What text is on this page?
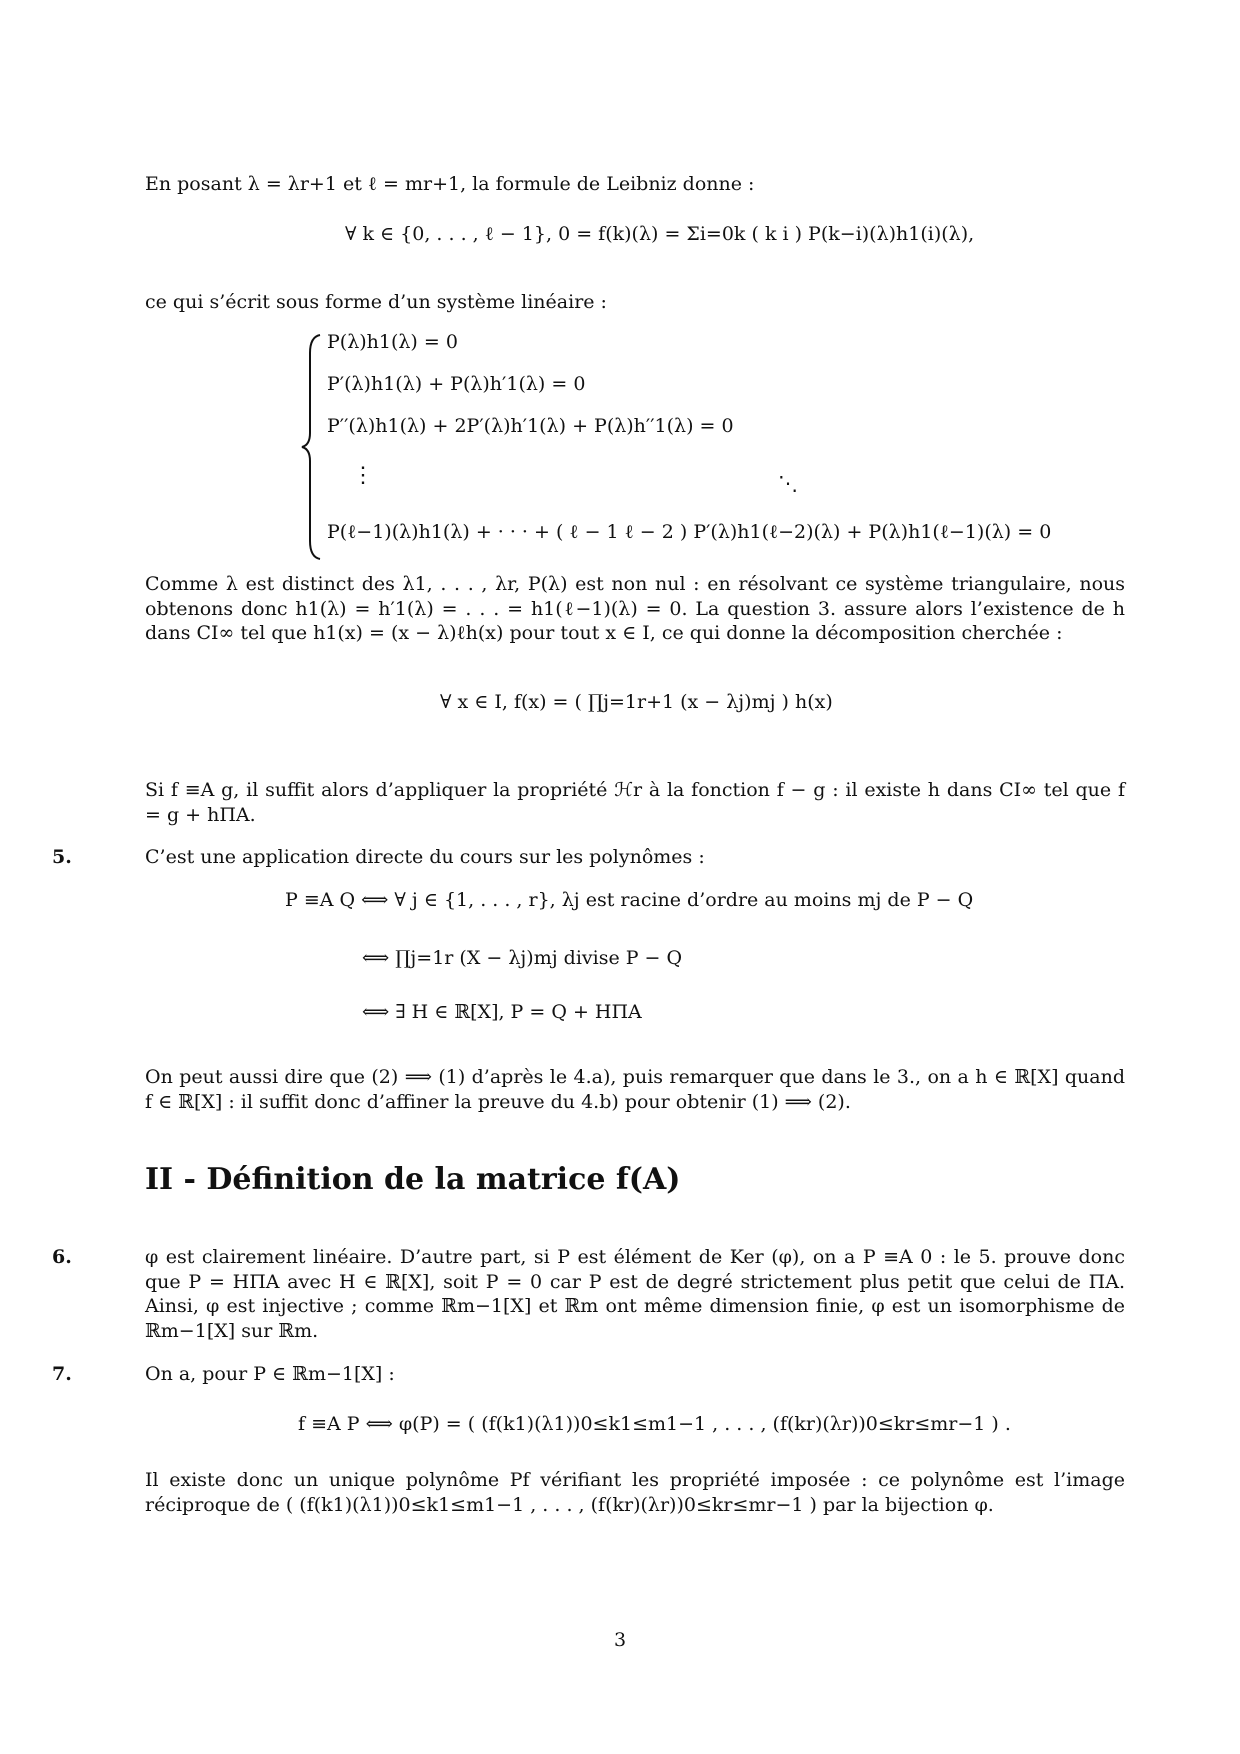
En posant λ = λr+1 et ℓ = mr+1, la formule de Leibniz donne :

∀ k ∈ {0, . . . , ℓ − 1}, 0 = f(k)(λ) = Σi=0k ( k i ) P(k−i)(λ)h1(i)(λ),

ce qui s’écrit sous forme d’un système linéaire :

P(λ)h1(λ) = 0
P′(λ)h1(λ) + P(λ)h′1(λ) = 0
P′′(λ)h1(λ) + 2P′(λ)h′1(λ) + P(λ)h′′1(λ) = 0
⋮	⋱
P(ℓ−1)(λ)h1(λ) + · · · + ( ℓ − 1 ℓ − 2 ) P′(λ)h1(ℓ−2)(λ) + P(λ)h1(ℓ−1)(λ) = 0

Comme λ est distinct des λ1, . . . , λr, P(λ) est non nul : en résolvant ce système triangulaire, nous obtenons donc h1(λ) = h′1(λ) = . . . = h1(ℓ−1)(λ) = 0. La question 3. assure alors l’existence de h dans CI∞ tel que h1(x) = (x − λ)ℓh(x) pour tout x ∈ I, ce qui donne la décomposition cherchée :

∀ x ∈ I, f(x) = ( ∏j=1r+1 (x − λj)mj ) h(x)

Si f ≡A g, il suffit alors d’appliquer la propriété ℋr à la fonction f − g : il existe h dans CI∞ tel que f = g + hΠA.

5.	C’est une application directe du cours sur les polynômes :

P ≡A Q ⟺ ∀ j ∈ {1, . . . , r}, λj est racine d’ordre au moins mj de P − Q
⟺ ∏j=1r (X − λj)mj divise P − Q
⟺ ∃ H ∈ ℝ[X], P = Q + HΠA

On peut aussi dire que (2) ⟹ (1) d’après le 4.a), puis remarquer que dans le 3., on a h ∈ ℝ[X] quand f ∈ ℝ[X] : il suffit donc d’affiner la preuve du 4.b) pour obtenir (1) ⟹ (2).

II - Définition de la matrice f(A)
6.	φ est clairement linéaire. D’autre part, si P est élément de Ker (φ), on a P ≡A 0 : le 5. prouve donc que P = HΠA avec H ∈ ℝ[X], soit P = 0 car P est de degré strictement plus petit que celui de ΠA. Ainsi, φ est injective ; comme ℝm−1[X] et ℝm ont même dimension finie, φ est un isomorphisme de ℝm−1[X] sur ℝm.

7.	On a, pour P ∈ ℝm−1[X] :

f ≡A P ⟺ φ(P) = ( (f(k1)(λ1))0≤k1≤m1−1 , . . . , (f(kr)(λr))0≤kr≤mr−1 ) .

Il existe donc un unique polynôme Pf vérifiant les propriété imposée : ce polynôme est l’image réciproque de ( (f(k1)(λ1))0≤k1≤m1−1 , . . . , (f(kr)(λr))0≤kr≤mr−1 ) par la bijection φ.

3
